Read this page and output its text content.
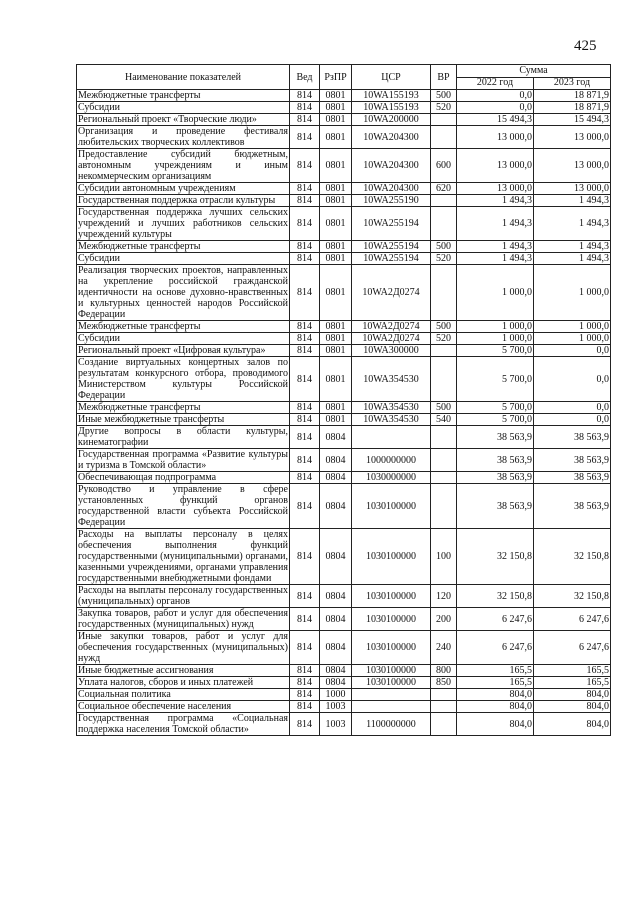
425
Наименование показателей	Вед	РзПР	ЦСР	ВР	Сумма	
					2022 год	2023 год
Межбюджетные трансферты	814	0801	10WA155193	500	0,0	18 871,9
Субсидии	814	0801	10WA155193	520	0,0	18 871,9
Региональный проект «Творческие люди»	814	0801	10WA200000		15 494,3	15 494,3
Организация и проведение фестиваля любительских творческих коллективов	814	0801	10WA204300		13 000,0	13 000,0
Предоставление субсидий бюджетным, автономным учреждениям и иным некоммерческим организациям	814	0801	10WA204300	600	13 000,0	13 000,0
Субсидии автономным учреждениям	814	0801	10WA204300	620	13 000,0	13 000,0
Государственная поддержка отрасли культуры	814	0801	10WA255190		1 494,3	1 494,3
Государственная поддержка лучших сельских учреждений и лучших работников сельских учреждений культуры	814	0801	10WA255194		1 494,3	1 494,3
Межбюджетные трансферты	814	0801	10WA255194	500	1 494,3	1 494,3
Субсидии	814	0801	10WA255194	520	1 494,3	1 494,3
Реализация творческих проектов, направленных на укрепление российской гражданской идентичности на основе духовно-нравственных и культурных ценностей народов Российской Федерации	814	0801	10WA2Д0274		1 000,0	1 000,0
Межбюджетные трансферты	814	0801	10WA2Д0274	500	1 000,0	1 000,0
Субсидии	814	0801	10WA2Д0274	520	1 000,0	1 000,0
Региональный проект «Цифровая культура»	814	0801	10WA300000		5 700,0	0,0
Создание виртуальных концертных залов по результатам конкурсного отбора, проводимого Министерством культуры Российской Федерации	814	0801	10WA354530		5 700,0	0,0
Межбюджетные трансферты	814	0801	10WA354530	500	5 700,0	0,0
Иные межбюджетные трансферты	814	0801	10WA354530	540	5 700,0	0,0
Другие вопросы в области культуры, кинематографии	814	0804			38 563,9	38 563,9
Государственная программа «Развитие культуры и туризма в Томской области»	814	0804	1000000000		38 563,9	38 563,9
Обеспечивающая подпрограмма	814	0804	1030000000		38 563,9	38 563,9
Руководство и управление в сфере установленных функций органов государственной власти субъекта Российской Федерации	814	0804	1030100000		38 563,9	38 563,9
Расходы на выплаты персоналу в целях обеспечения выполнения функций государственными (муниципальными) органами, казенными учреждениями, органами управления государственными внебюджетными фондами	814	0804	1030100000	100	32 150,8	32 150,8
Расходы на выплаты персоналу государственных (муниципальных) органов	814	0804	1030100000	120	32 150,8	32 150,8
Закупка товаров, работ и услуг для обеспечения государственных (муниципальных) нужд	814	0804	1030100000	200	6 247,6	6 247,6
Иные закупки товаров, работ и услуг для обеспечения государственных (муниципальных) нужд	814	0804	1030100000	240	6 247,6	6 247,6
Иные бюджетные ассигнования	814	0804	1030100000	800	165,5	165,5
Уплата налогов, сборов и иных платежей	814	0804	1030100000	850	165,5	165,5
Социальная политика	814	1000			804,0	804,0
Социальное обеспечение населения	814	1003			804,0	804,0
Государственная программа «Социальная поддержка населения Томской области»	814	1003	1100000000		804,0	804,0
